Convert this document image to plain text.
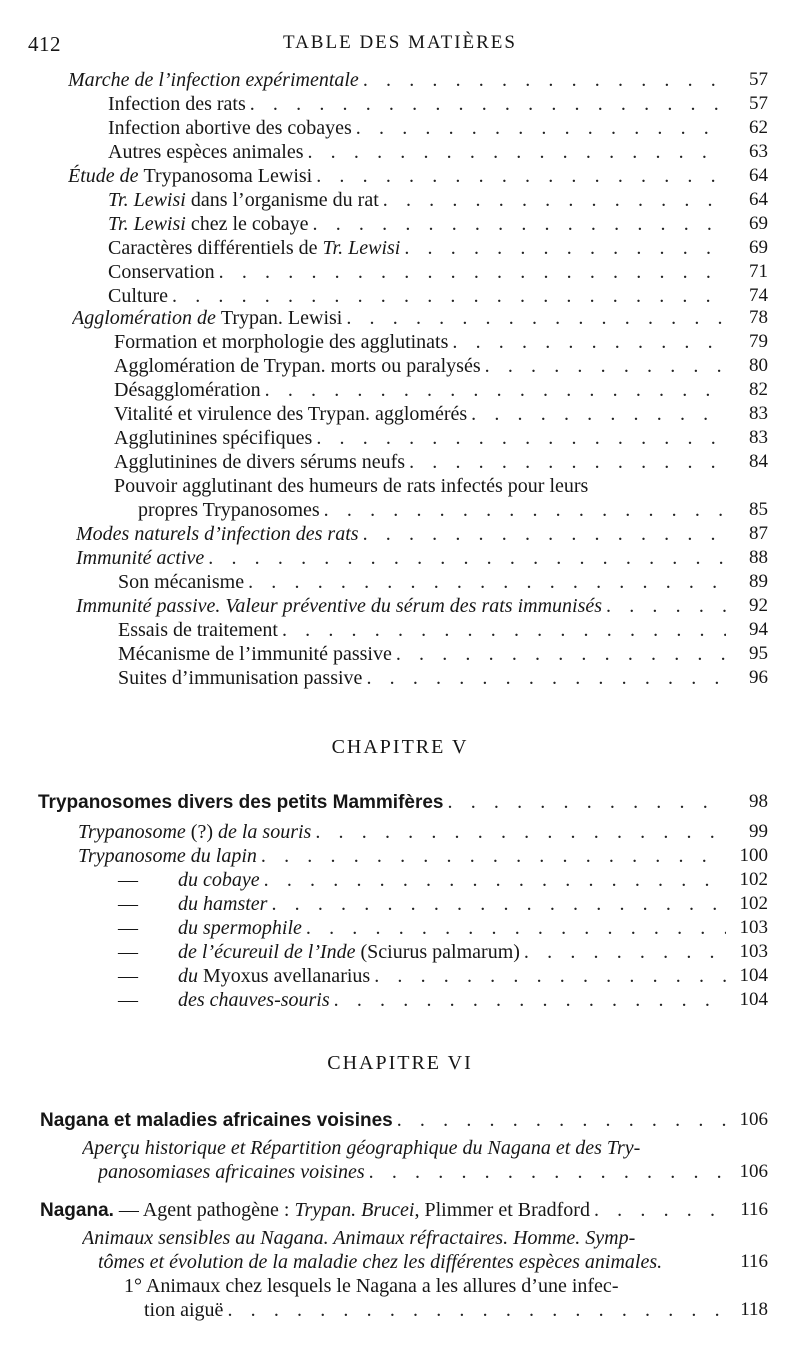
412	TABLE DES MATIÈRES
CHAPITRE V
CHAPITRE VI
Marche de l’infection expérimentale . . .	57
Infection des rats . . .	57
Infection abortive des cobayes . . .	62
Autres espèces animales . . .	63
Étude de Trypanosoma Lewisi . . .	64
Tr. Lewisi dans l’organisme du rat . . .	64
Tr. Lewisi chez le cobaye . . .	69
Caractères différentiels de Tr. Lewisi . . .	69
Conservation . . .	71
Culture . . .	74
Agglomération de Trypan. Lewisi . . .	78
Formation et morphologie des agglutinats . . .	79
Agglomération de Trypan. morts ou paralysés . . .	80
Désagglomération . . .	82
Vitalité et virulence des Trypan. agglomérés . . .	83
Agglutinines spécifiques . . .	83
Agglutinines de divers sérums neufs . . .	84
Pouvoir agglutinant des humeurs de rats infectés pour leurs
propres Trypanosomes . . .	85
Modes naturels d’infection des rats . . .	87
Immunité active . . .	88
Son mécanisme . . .	89
Immunité passive. Valeur préventive du sérum des rats immunisés . . .	92
Essais de traitement . . .	94
Mécanisme de l’immunité passive . . .	95
Suites d’immunisation passive . . .	96
Trypanosomes divers des petits Mammifères . . .	98
Trypanosome (?) de la souris . . .	99
Trypanosome du lapin . . .	100
— du cobaye . . .	102
— du hamster . . .	102
— du spermophile . . .	103
— de l’écureuil de l’Inde (Sciurus palmarum) . . .	103
— du Myoxus avellanarius . . .	104
— des chauves-souris . . .	104
Nagana et maladies africaines voisines . . .	106
Aperçu historique et Répartition géographique du Nagana et des Try-
panosomiases africaines voisines . . .	106
Nagana. — Agent pathogène : Trypan. Brucei, Plimmer et Bradford . . .	116
Animaux sensibles au Nagana. Animaux réfractaires. Homme. Symp-
tômes et évolution de la maladie chez les différentes espèces animales.	116
1° Animaux chez lesquels le Nagana a les allures d’une infec-
tion aiguë . . .	118
